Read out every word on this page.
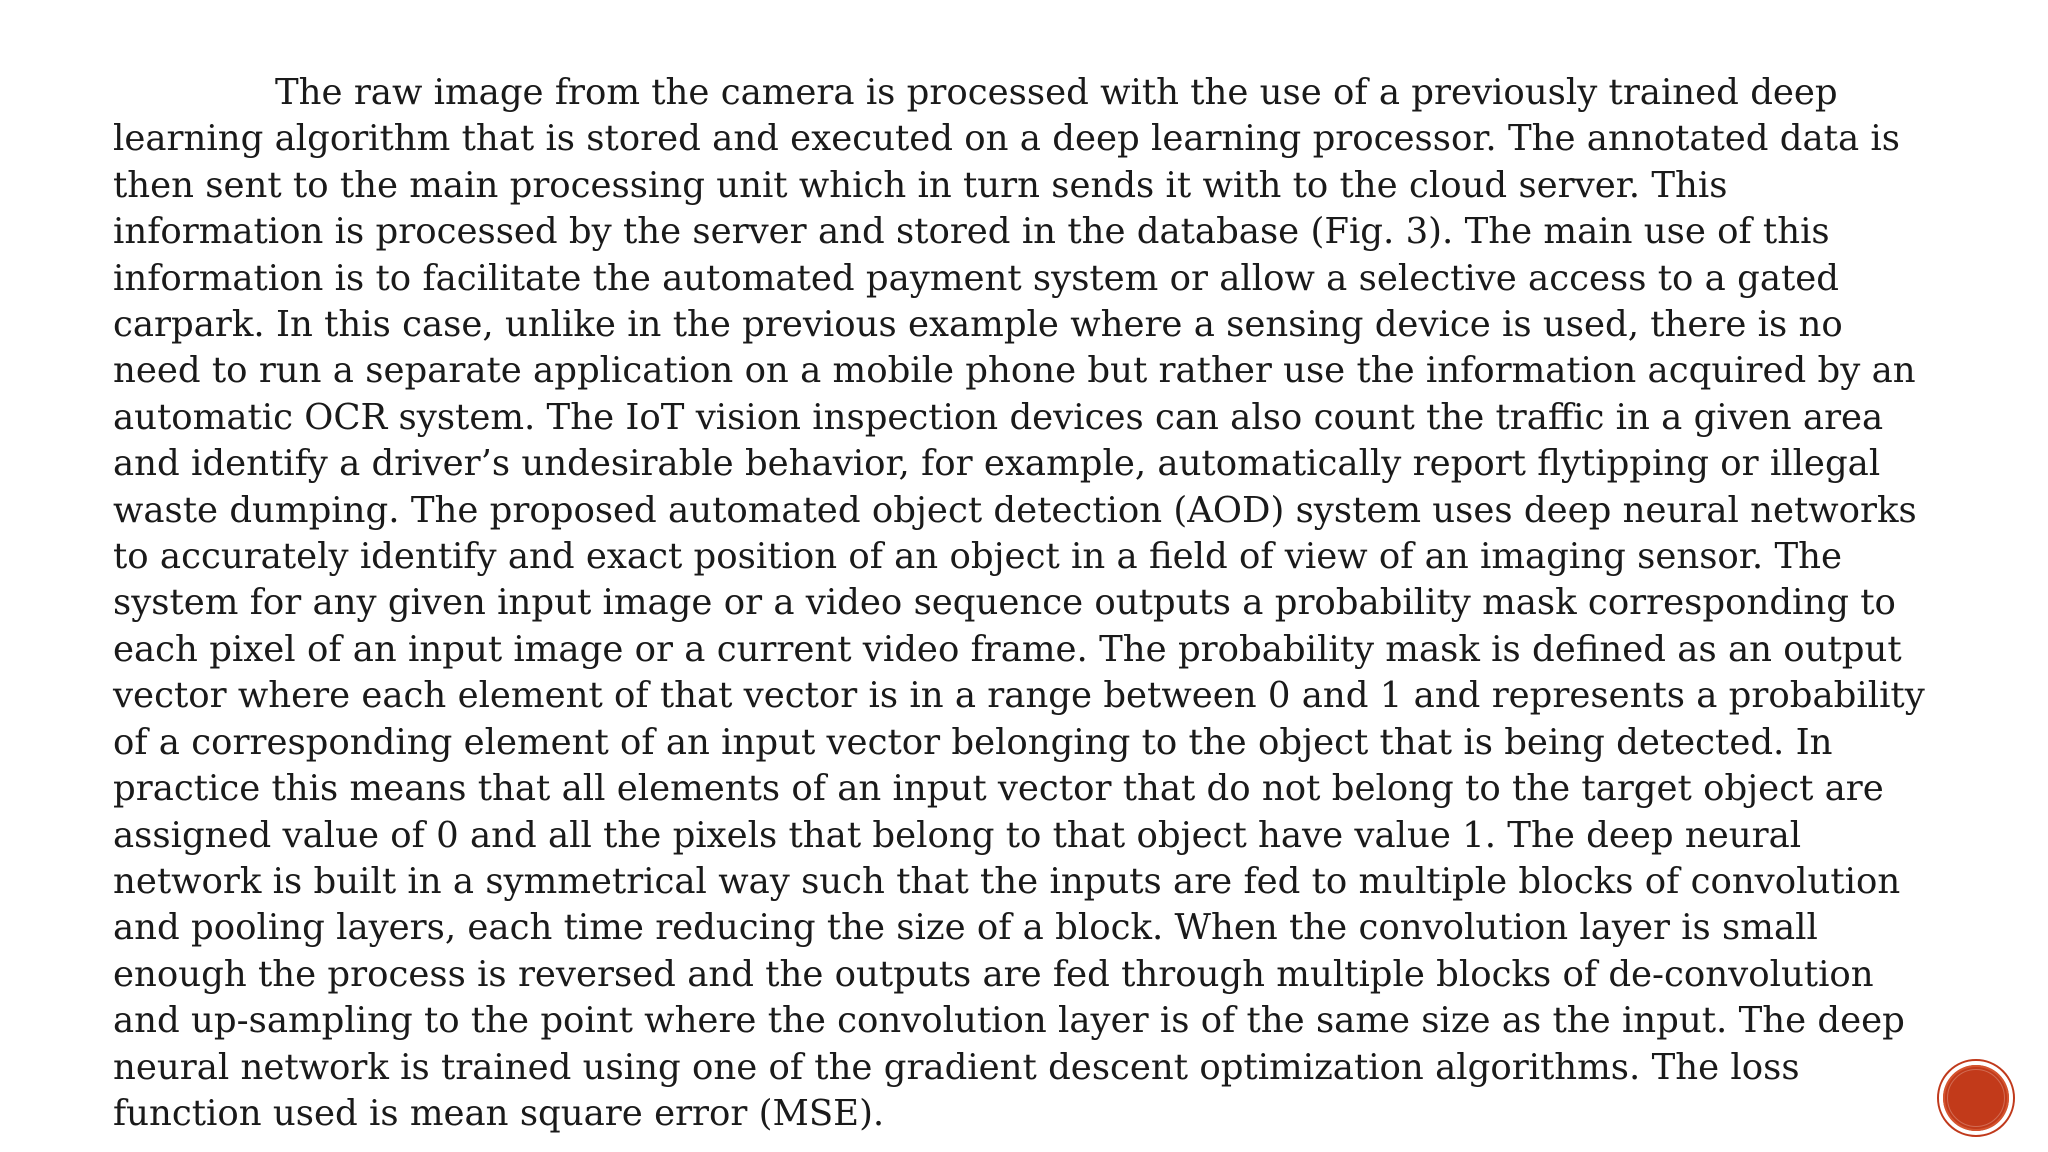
The raw image from the camera is processed with the use of a previously trained deep
learning algorithm that is stored and executed on a deep learning processor. The annotated data is
then sent to the main processing unit which in turn sends it with to the cloud server. This
information is processed by the server and stored in the database (Fig. 3). The main use of this
information is to facilitate the automated payment system or allow a selective access to a gated
carpark. In this case, unlike in the previous example where a sensing device is used, there is no
need to run a separate application on a mobile phone but rather use the information acquired by an
automatic OCR system. The IoT vision inspection devices can also count the traffic in a given area
and identify a driver’s undesirable behavior, for example, automatically report flytipping or illegal
waste dumping. The proposed automated object detection (AOD) system uses deep neural networks
to accurately identify and exact position of an object in a field of view of an imaging sensor. The
system for any given input image or a video sequence outputs a probability mask corresponding to
each pixel of an input image or a current video frame. The probability mask is defined as an output
vector where each element of that vector is in a range between 0 and 1 and represents a probability
of a corresponding element of an input vector belonging to the object that is being detected. In
practice this means that all elements of an input vector that do not belong to the target object are
assigned value of 0 and all the pixels that belong to that object have value 1. The deep neural
network is built in a symmetrical way such that the inputs are fed to multiple blocks of convolution
and pooling layers, each time reducing the size of a block. When the convolution layer is small
enough the process is reversed and the outputs are fed through multiple blocks of de-convolution
and up-sampling to the point where the convolution layer is of the same size as the input. The deep
neural network is trained using one of the gradient descent optimization algorithms. The loss
function used is mean square error (MSE).
